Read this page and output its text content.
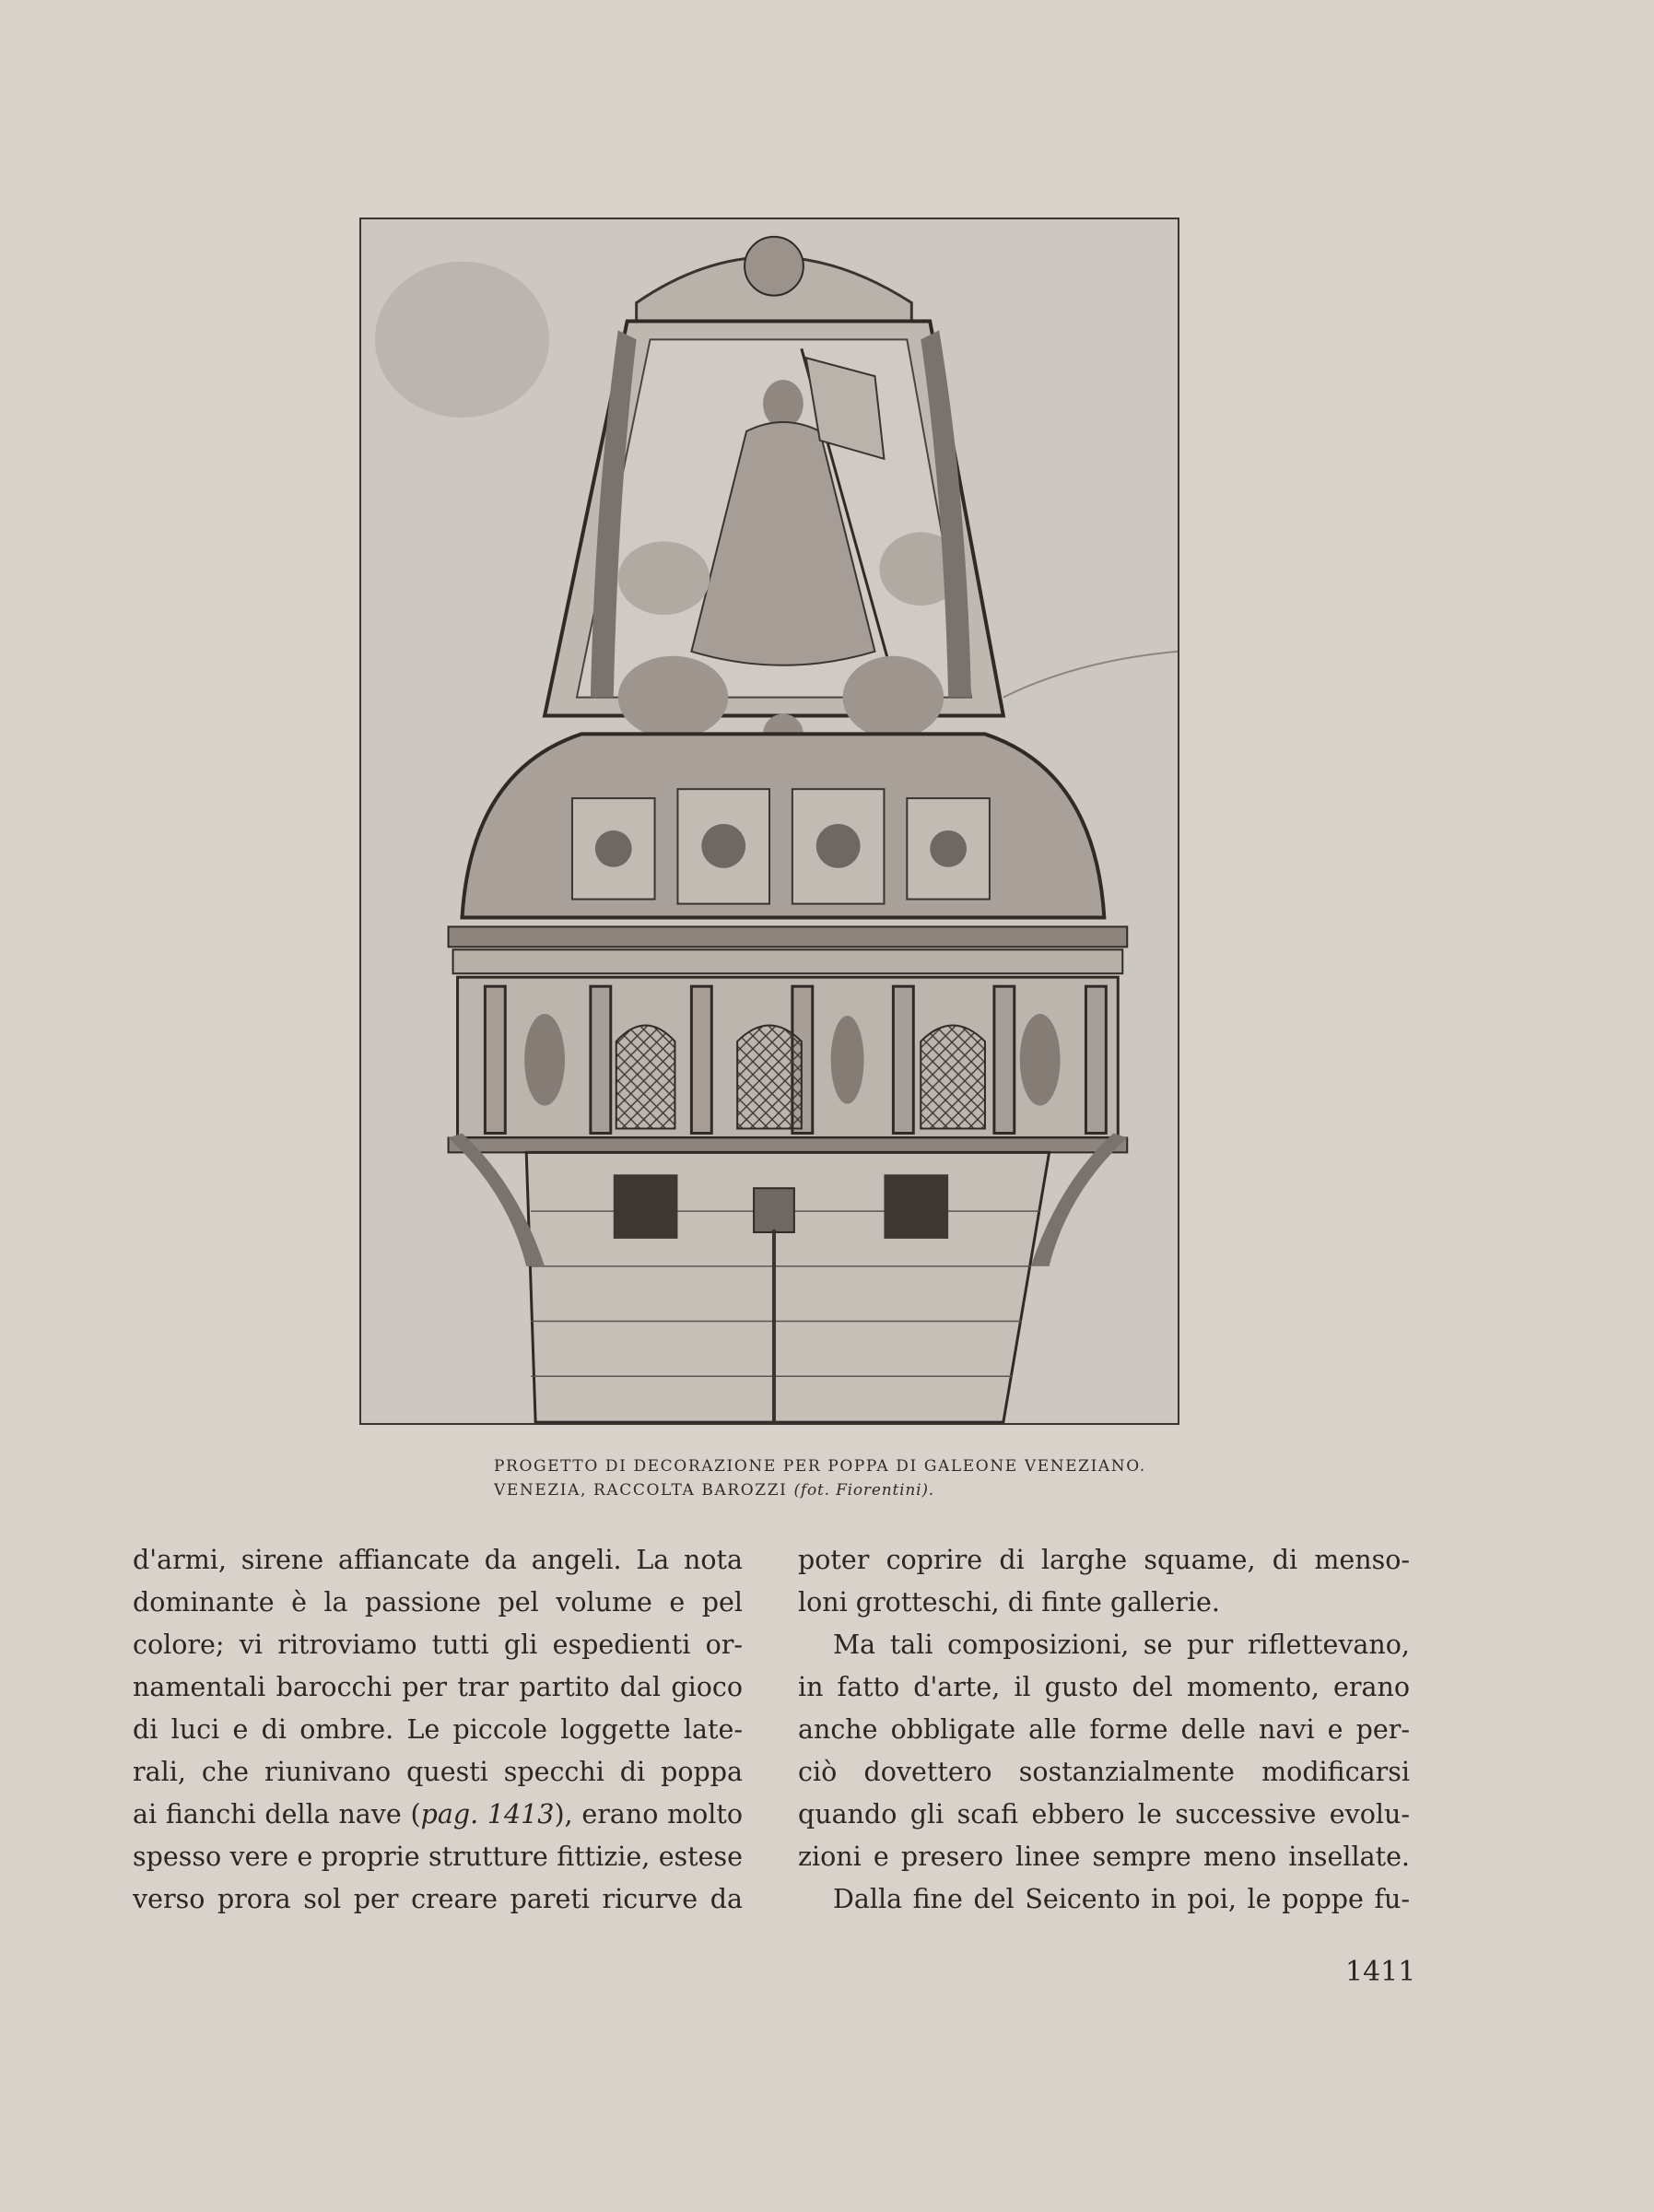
PROGETTO DI DECORAZIONE PER POPPA DI GALEONE VENEZIANO.
VENEZIA, RACCOLTA BAROZZI (fot. Fiorentini).
d'armi, sirene affiancate da angeli. La nota
dominante è la passione pel volume e pel
colore; vi ritroviamo tutti gli espedienti or-
namentali barocchi per trar partito dal gioco
di luci e di ombre. Le piccole loggette late-
rali, che riunivano questi specchi di poppa
ai fianchi della nave (pag. 1413), erano molto
spesso vere e proprie strutture fittizie, estese
verso prora sol per creare pareti ricurve da
poter coprire di larghe squame, di menso-
loni grotteschi, di finte gallerie.
Ma tali composizioni, se pur riflettevano,
in fatto d'arte, il gusto del momento, erano
anche obbligate alle forme delle navi e per-
ciò dovettero sostanzialmente modificarsi
quando gli scafi ebbero le successive evolu-
zioni e presero linee sempre meno insellate.
Dalla fine del Seicento in poi, le poppe fu-
1411
